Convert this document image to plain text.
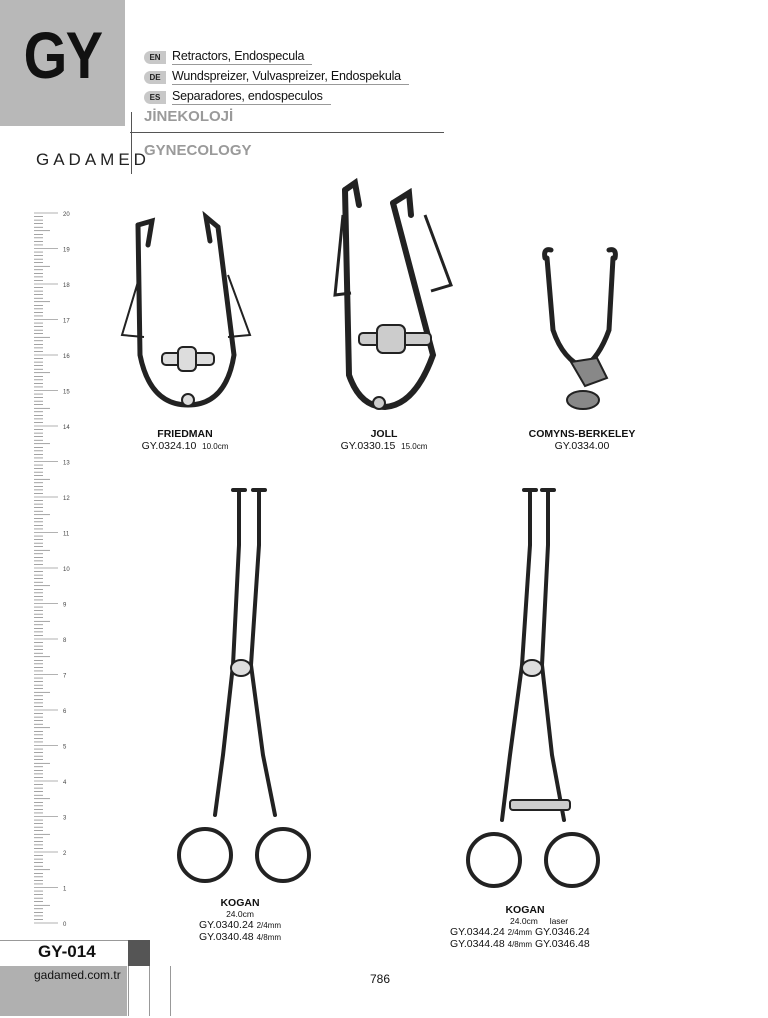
GY	EN Retractors, Endospecula
DE Wundspreizer, Vulvaspreizer, Endospekula
ES Separadores, endospeculos
JİNEKOLOJİ
GYNECOLOGY
GADAMED
20
19
18
17
16
15
14
13
12
11
10
9
8
7
6
5
4
3
2
1
0
FRIEDMAN
GY.0324.10 10.0cm
JOLL
GY.0330.15 15.0cm
COMYNS-BERKELEY
GY.0334.00
KOGAN
24.0cm
GY.0340.24 2/4mm
GY.0340.48 4/8mm
KOGAN
24.0cm laser
GY.0344.24 2/4mm GY.0346.24
GY.0344.48 4/8mm GY.0346.48
GY-014
gadamed.com.tr	786
